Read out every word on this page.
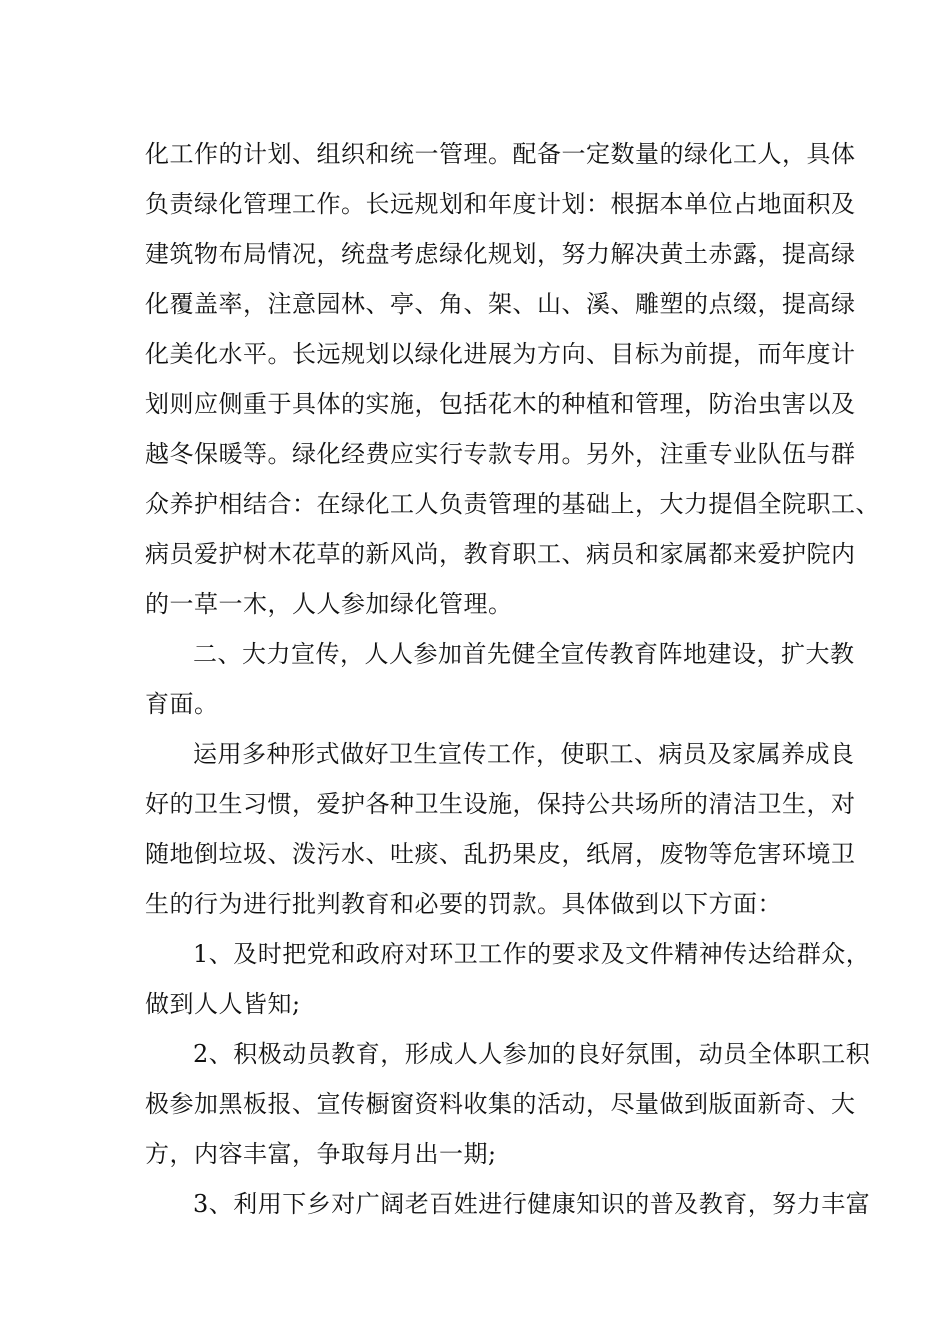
化工作的计划、组织和统一管理。配备一定数量的绿化工人，具体
负责绿化管理工作。长远规划和年度计划：根据本单位占地面积及
建筑物布局情况，统盘考虑绿化规划，努力解决黄土赤露，提高绿
化覆盖率，注意园林、亭、角、架、山、溪、雕塑的点缀，提高绿
化美化水平。长远规划以绿化进展为方向、目标为前提，而年度计
划则应侧重于具体的实施，包括花木的种植和管理，防治虫害以及
越冬保暖等。绿化经费应实行专款专用。另外，注重专业队伍与群
众养护相结合：在绿化工人负责管理的基础上，大力提倡全院职工、
病员爱护树木花草的新风尚，教育职工、病员和家属都来爱护院内
的一草一木，人人参加绿化管理。
二、大力宣传，人人参加首先健全宣传教育阵地建设，扩大教
育面。
运用多种形式做好卫生宣传工作，使职工、病员及家属养成良
好的卫生习惯，爱护各种卫生设施，保持公共场所的清洁卫生，对
随地倒垃圾、泼污水、吐痰、乱扔果皮，纸屑，废物等危害环境卫
生的行为进行批判教育和必要的罚款。具体做到以下方面：
1、及时把党和政府对环卫工作的要求及文件精神传达给群众，
做到人人皆知;
2、积极动员教育，形成人人参加的良好氛围，动员全体职工积
极参加黑板报、宣传橱窗资料收集的活动，尽量做到版面新奇、大
方，内容丰富，争取每月出一期;
3、利用下乡对广阔老百姓进行健康知识的普及教育，努力丰富
